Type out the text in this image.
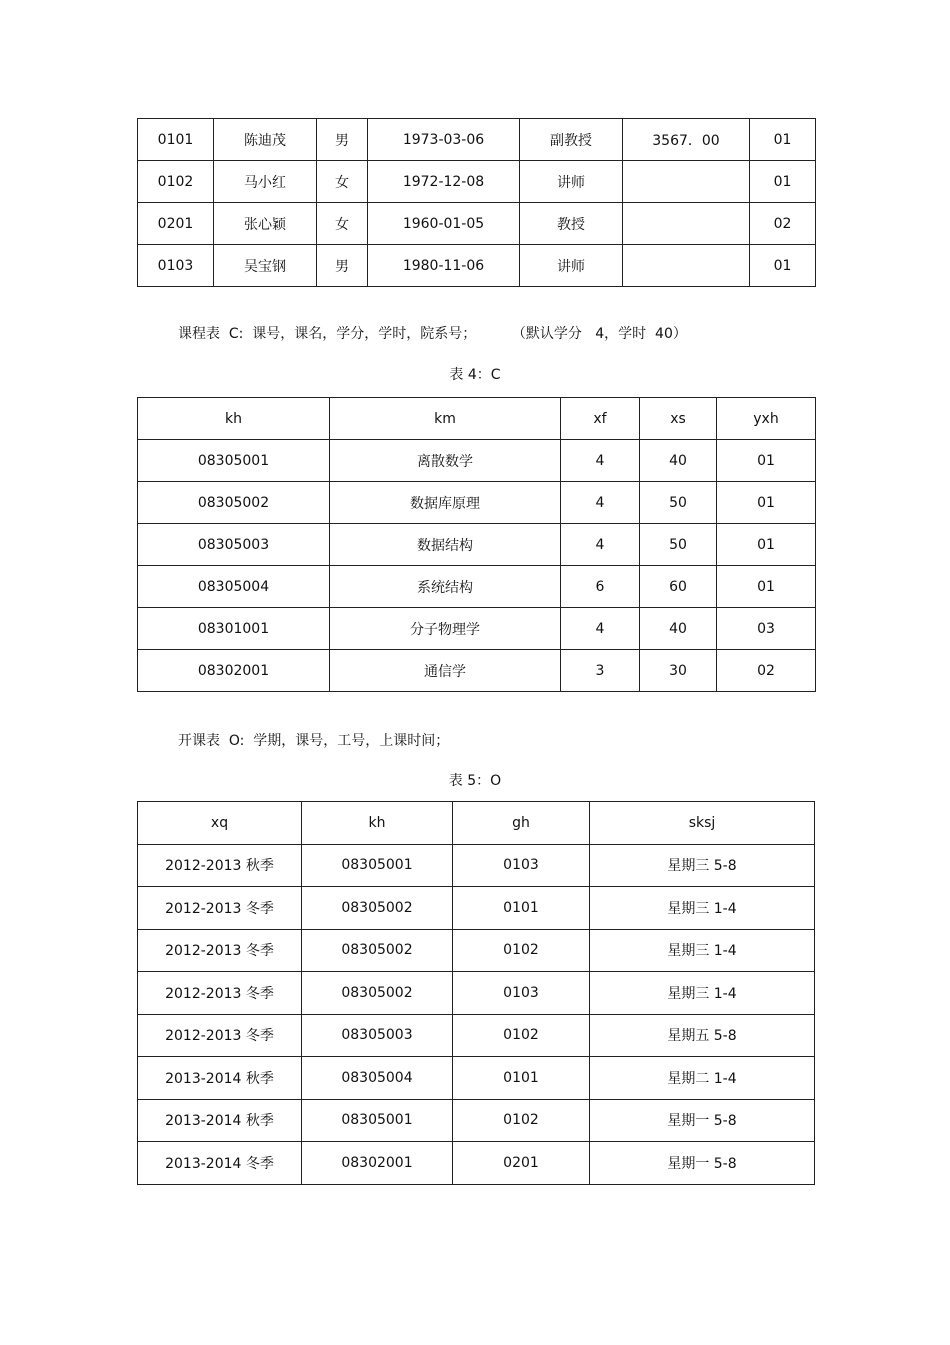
0101	陈迪茂	男	1973-03-06	副教授	3567．00	01
0102	马小红	女	1972-12-08	讲师		01
0201	张心颖	女	1960-01-05	教授		02
0103	吴宝钢	男	1980-11-06	讲师		01
课程表  C:  课号，课名，学分，学时，院系号；        （默认学分   4，学时  40）
表 4：C
kh	km	xf	xs	yxh
08305001	离散数学	4	40	01
08305002	数据库原理	4	50	01
08305003	数据结构	4	50	01
08305004	系统结构	6	60	01
08301001	分子物理学	4	40	03
08302001	通信学	3	30	02
开课表  O:  学期，课号，工号，上课时间；
表 5：O
xq	kh	gh	sksj
2012-2013 秋季	08305001	0103	星期三 5-8
2012-2013 冬季	08305002	0101	星期三 1-4
2012-2013 冬季	08305002	0102	星期三 1-4
2012-2013 冬季	08305002	0103	星期三 1-4
2012-2013 冬季	08305003	0102	星期五 5-8
2013-2014 秋季	08305004	0101	星期二 1-4
2013-2014 秋季	08305001	0102	星期一 5-8
2013-2014 冬季	08302001	0201	星期一 5-8
